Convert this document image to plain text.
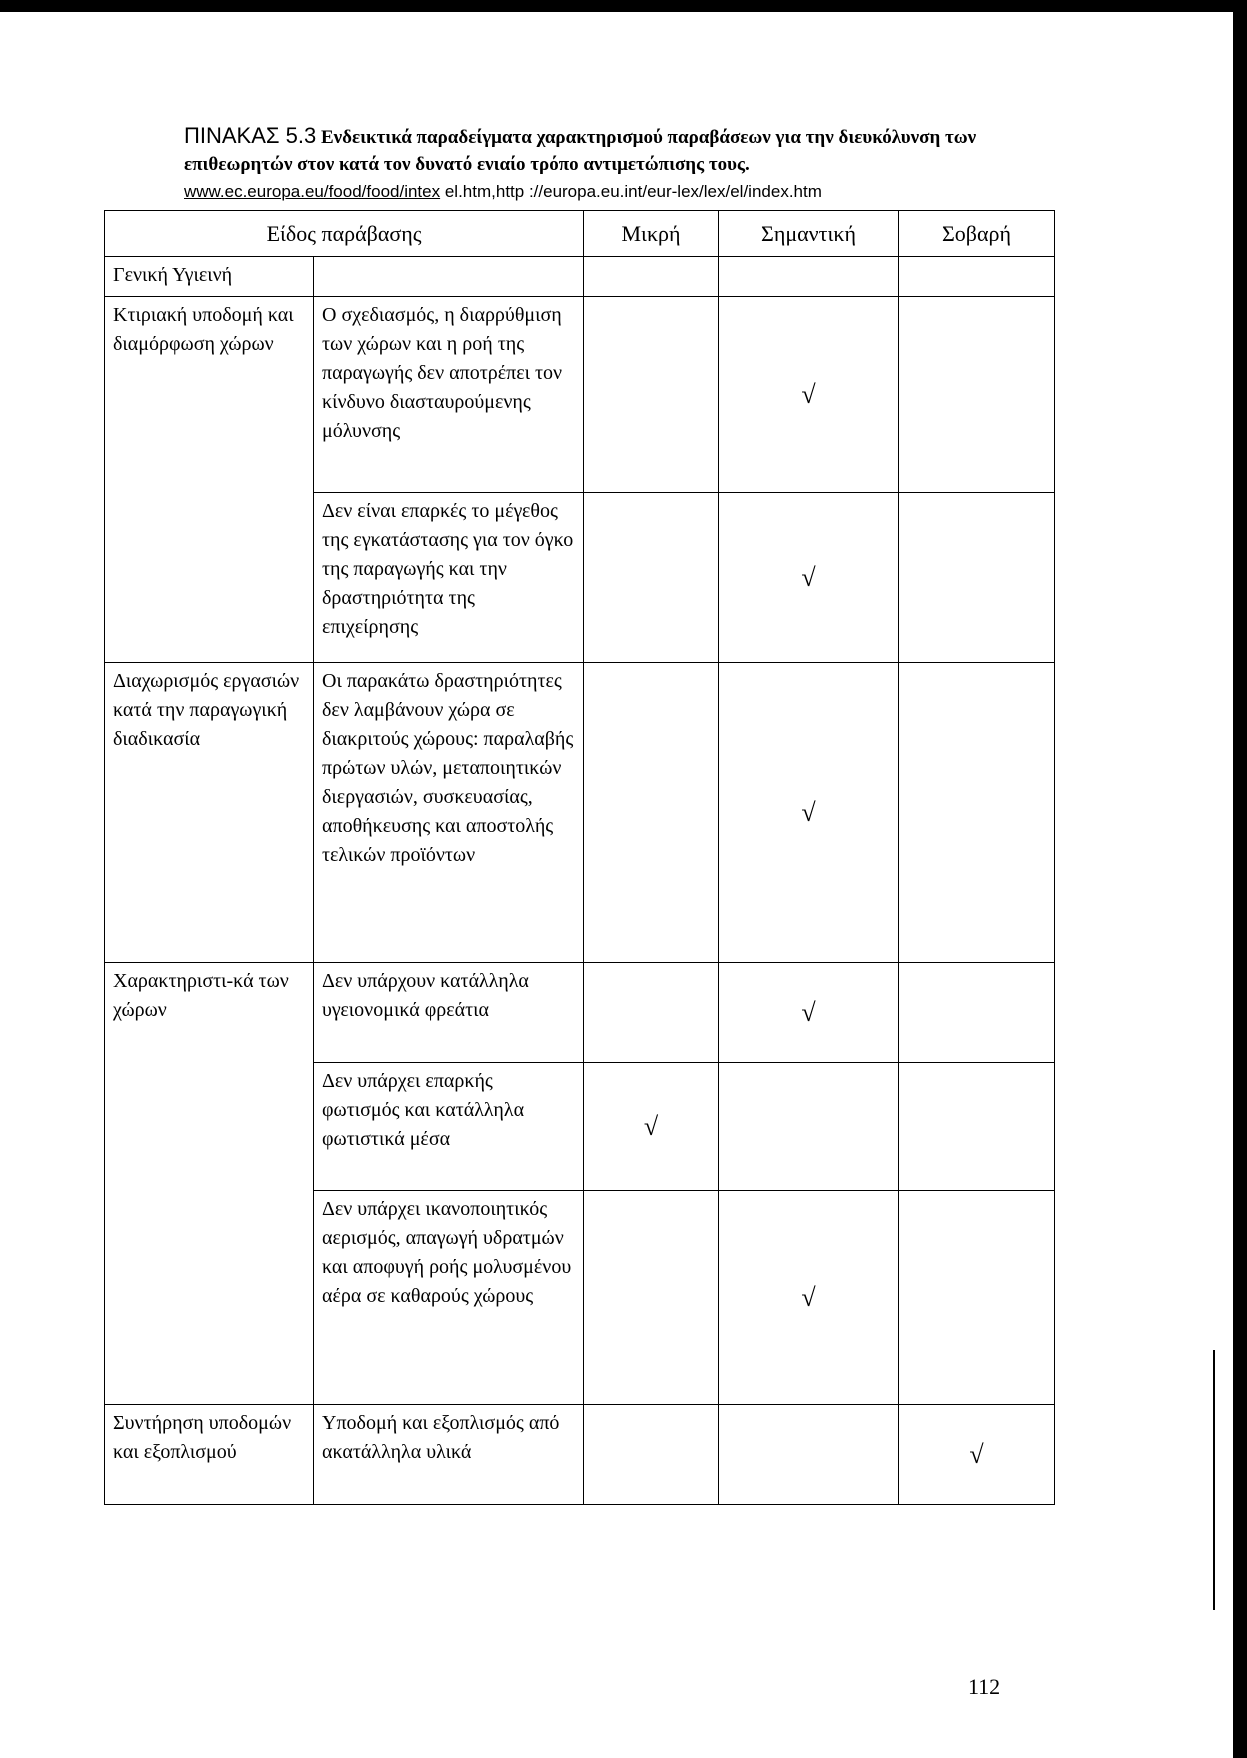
ΠΙΝΑΚΑΣ 5.3 Ενδεικτικά παραδείγματα χαρακτηρισμού παραβάσεων για την διευκόλυνση των επιθεωρητών στον κατά τον δυνατό ενιαίο τρόπο αντιμετώπισης τους. www.ec.europa.eu/food/food/intex el.htm,http ://europa.eu.int/eur-lex/lex/el/index.htm
Είδος παράβασης		Μικρή	Σημαντική	Σοβαρή
Γενική Υγιεινή				
Κτιριακή υποδομή και διαμόρφωση χώρων	Ο σχεδιασμός, η διαρρύθμιση των χώρων και η ροή της παραγωγής δεν αποτρέπει τον κίνδυνο διασταυρούμενης μόλυνσης		√	
	Δεν είναι επαρκές το μέγεθος της εγκατάστασης για τον όγκο της παραγωγής και την δραστηριότητα της επιχείρησης		√	
Διαχωρισμός εργασιών κατά την παραγωγική διαδικασία	Οι παρακάτω δραστηριότητες δεν λαμβάνουν χώρα σε διακριτούς χώρους: παραλαβής πρώτων υλών, μεταποιητικών διεργασιών, συσκευασίας, αποθήκευσης και αποστολής τελικών προϊόντων		√	
Χαρακτηριστι-κά των χώρων	Δεν υπάρχουν κατάλληλα υγειονομικά φρεάτια		√	
	Δεν υπάρχει επαρκής φωτισμός και κατάλληλα φωτιστικά μέσα	√		
	Δεν υπάρχει ικανοποιητικός αερισμός, απαγωγή υδρατμών και αποφυγή ροής μολυσμένου αέρα σε καθαρούς χώρους		√	
Συντήρηση υποδομών και εξοπλισμού	Υποδομή και εξοπλισμός από ακατάλληλα υλικά			√
112
